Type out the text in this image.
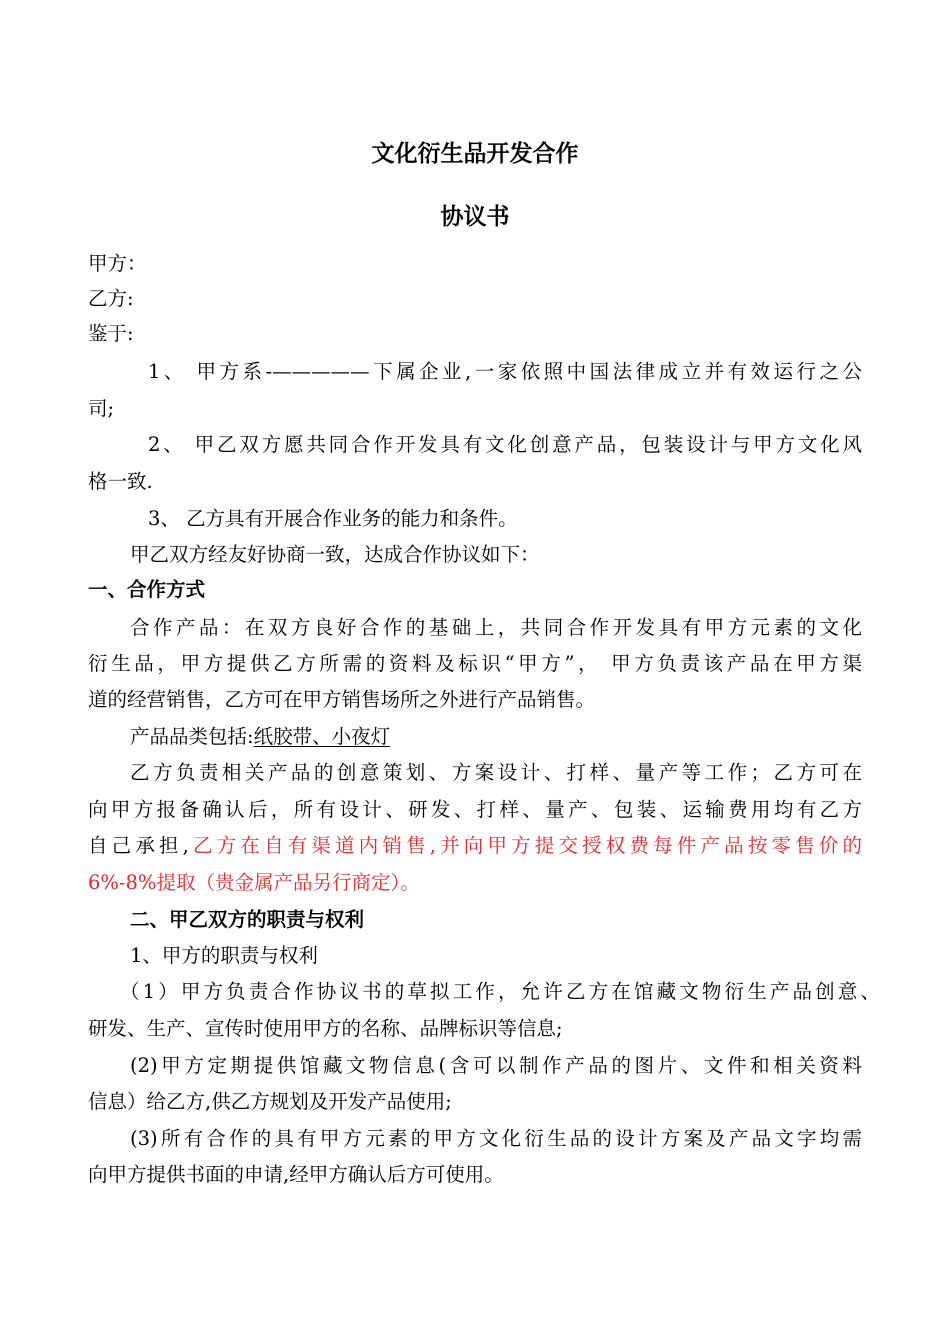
文化衍生品开发合作
协议书
甲方：
乙方:
鉴于:
1、 甲方系-—————下属企业,一家依照中国法律成立并有效运行之公
司;
2、 甲乙双方愿共同合作开发具有文化创意产品，包装设计与甲方文化风
格一致.
3、 乙方具有开展合作业务的能力和条件。
甲乙双方经友好协商一致，达成合作协议如下：
一、合作方式
合作产品：在双方良好合作的基础上，共同合作开发具有甲方元素的文化
衍生品，甲方提供乙方所需的资料及标识“甲方”， 甲方负责该产品在甲方渠
道的经营销售，乙方可在甲方销售场所之外进行产品销售。
产品品类包括:纸胶带、小夜灯
乙方负责相关产品的创意策划、方案设计、打样、量产等工作；乙方可在
向甲方报备确认后，所有设计、研发、打样、量产、包装、运输费用均有乙方
自己承担,乙方在自有渠道内销售,并向甲方提交授权费每件产品按零售价的
6%-8%提取（贵金属产品另行商定）。
二、甲乙双方的职责与权利
1、甲方的职责与权利
（1）甲方负责合作协议书的草拟工作，允许乙方在馆藏文物衍生产品创意、
研发、生产、宣传时使用甲方的名称、品牌标识等信息;
(2)甲方定期提供馆藏文物信息(含可以制作产品的图片、文件和相关资料
信息）给乙方,供乙方规划及开发产品使用;
(3)所有合作的具有甲方元素的甲方文化衍生品的设计方案及产品文字均需
向甲方提供书面的申请,经甲方确认后方可使用。
